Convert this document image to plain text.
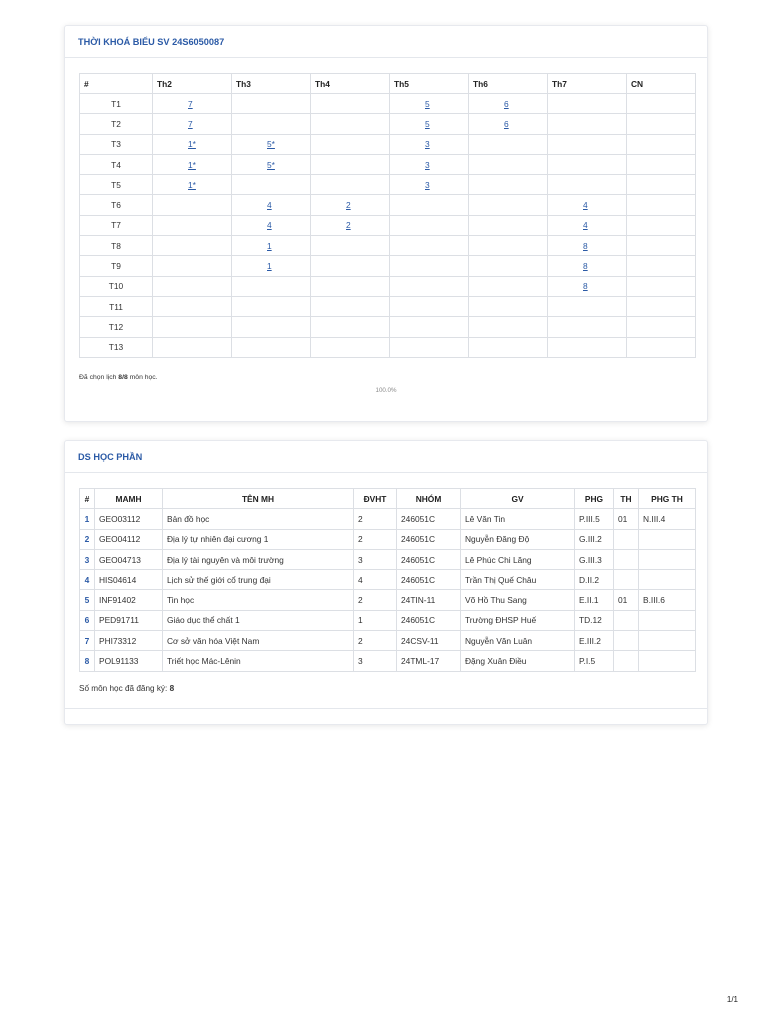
THỜI KHOÁ BIỂU SV 24S6050087
#	Th2	Th3	Th4	Th5	Th6	Th7	CN
T1	7			5	6		
T2	7			5	6		
T3	1*	5*		3			
T4	1*	5*		3			
T5	1*			3			
T6		4	2			4	
T7		4	2			4	
T8		1				8	
T9		1				8	
T10						8	
T11							
T12							
T13							
Đã chọn lịch 8/8 môn học.
100.0%
DS HỌC PHẦN
#	MAMH	TÊN MH	ĐVHT	NHÓM	GV	PHG	TH	PHG TH
1	GEO03112	Bản đồ học	2	246051C	Lê Văn Tin	P.III.5	01	N.III.4
2	GEO04112	Địa lý tự nhiên đại cương 1	2	246051C	Nguyễn Đăng Độ	G.III.2		
3	GEO04713	Địa lý tài nguyên và môi trường	3	246051C	Lê Phúc Chi Lăng	G.III.3		
4	HIS04614	Lịch sử thế giới cổ trung đại	4	246051C	Trần Thị Quế Châu	D.II.2		
5	INF91402	Tin học	2	24TIN-11	Võ Hồ Thu Sang	E.II.1	01	B.III.6
6	PED91711	Giáo dục thể chất 1	1	246051C	Trường ĐHSP Huế	TD.12		
7	PHI73312	Cơ sở văn hóa Việt Nam	2	24CSV-11	Nguyễn Văn Luân	E.III.2		
8	POL91133	Triết học Mác-Lênin	3	24TML-17	Đặng Xuân Điều	P.I.5		
Số môn học đã đăng ký: 8
1/1
